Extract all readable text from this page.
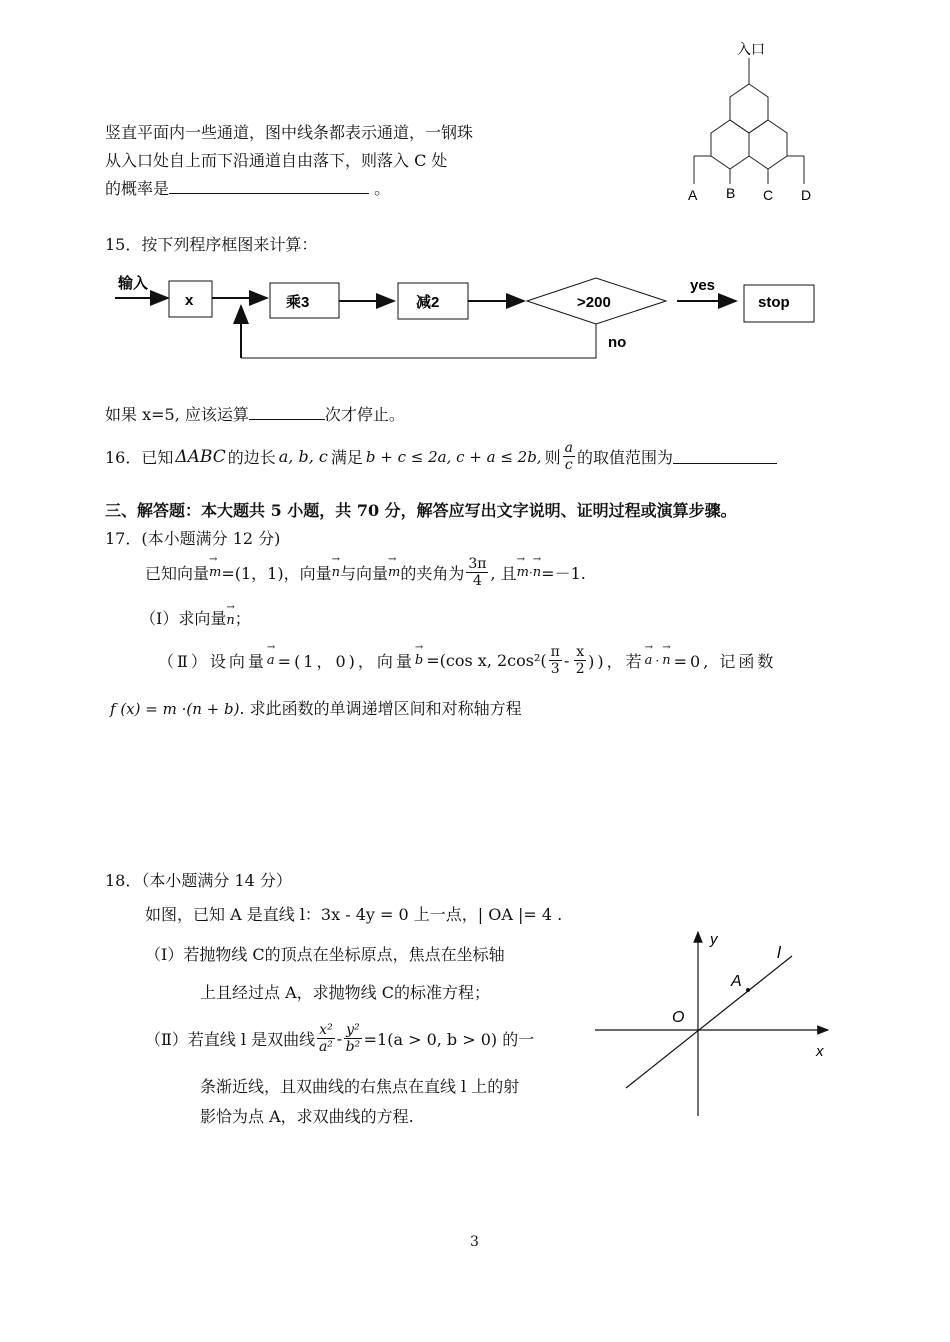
竖直平面内一些通道，图中线条都表示通道，一钢珠
从入口处自上而下沿通道自由落下，则落入 C 处
的概率是	。
入口
A B C D
15．按下列程序框图来计算：
输入
x	乘3	减2	>200
yes
no
stop
如果 x=5, 应该运算	次才停止。
16．已知 ΔABC 的边长 a, b, c 满足 b + c ≤ 2a, c + a ≤ 2b, 则 $\frac{a}{c}$ 的取值范围为
三、解答题：本大题共 5 小题，共 70 分，解答应写出文字说明、证明过程或演算步骤。
17．(本小题满分 12 分)
已知向量 → m =(1，1)，向量 → n 与向量 → m 的夹角为 $\frac{3\pi}{4}$ , 且 → m · → n =－1.
（Ⅰ）求向量→ n；
（Ⅱ）设向量 → a =(1，0)，向量 → b =(cos x, $2\cos^2( \frac{\pi}{3} - \frac{x}{2}$ ))，若 → a · → n =0, 记函数
f (x) = m ·(n + b). 求此函数的单调递增区间和对称轴方程
18．（本小题满分 14 分）
如图，已知 A 是直线 l：3x - 4y = 0 上一点，| OA |= 4 .
（Ⅰ）若抛物线 C的顶点在坐标原点，焦点在坐标轴
上且经过点 A，求抛物线 C的标准方程；
（Ⅱ）若直线 l 是双曲线 $\frac{\text{x²}}{\text{a²}} - \frac{\text{y²}}{\text{b²}} =1(a > 0$, b > 0) 的一
条渐近线，且双曲线的右焦点在直线 l 上的射
影恰为点 A，求双曲线的方程.
y
x
l
A
O
3
